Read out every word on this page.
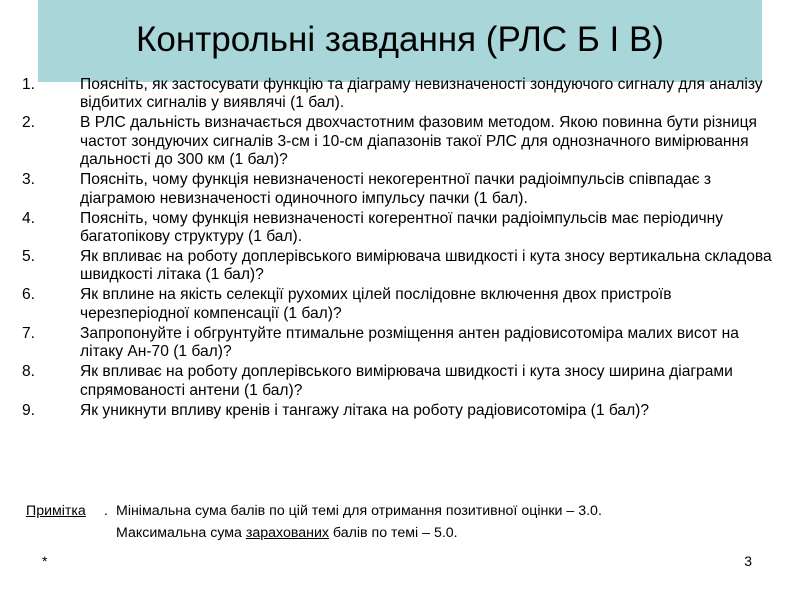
Контрольні завдання (РЛС Б І В)
1.	Поясніть, як застосувати функцію та діаграму невизначеності зондуючого сигналу для аналізу відбитих сигналів у виявлячі (1 бал).
2.	В РЛС дальність визначається двохчастотним фазовим методом. Якою повинна бути різниця частот зондуючих сигналів 3-см і 10-см діапазонів такої РЛС для однозначного вимірювання дальності до 300 км (1 бал)?
3.	Поясніть, чому функція невизначеності некогерентної пачки радіоімпульсів співпадає з діаграмою невизначеності одиночного імпульсу пачки (1 бал).
4.	Поясніть, чому функція невизначеності когерентної пачки радіоімпульсів має періодичну багатопікову структуру (1 бал).
5.	Як впливає на роботу доплерівського вимірювача швидкості і кута зносу вертикальна складова швидкості літака (1 бал)?
6.	Як вплине на якість селекції рухомих цілей послідовне включення двох пристроїв черезперіодної компенсації (1 бал)?
7.	Запропонуйте і обгрунтуйте птимальне розміщення антен радіовисотоміра малих висот на літаку Ан-70 (1 бал)?
8.	Як впливає на роботу доплерівського вимірювача швидкості і кута зносу ширина діаграми спрямованості антени (1 бал)?
9.	Як уникнути впливу кренів і тангажу літака на роботу радіовисотоміра (1 бал)?
Примітка . Мінімальна сума балів по цій темі для отримання позитивної оцінки – 3.0.
Максимальна сума зарахованих балів по темі – 5.0.
*	3
